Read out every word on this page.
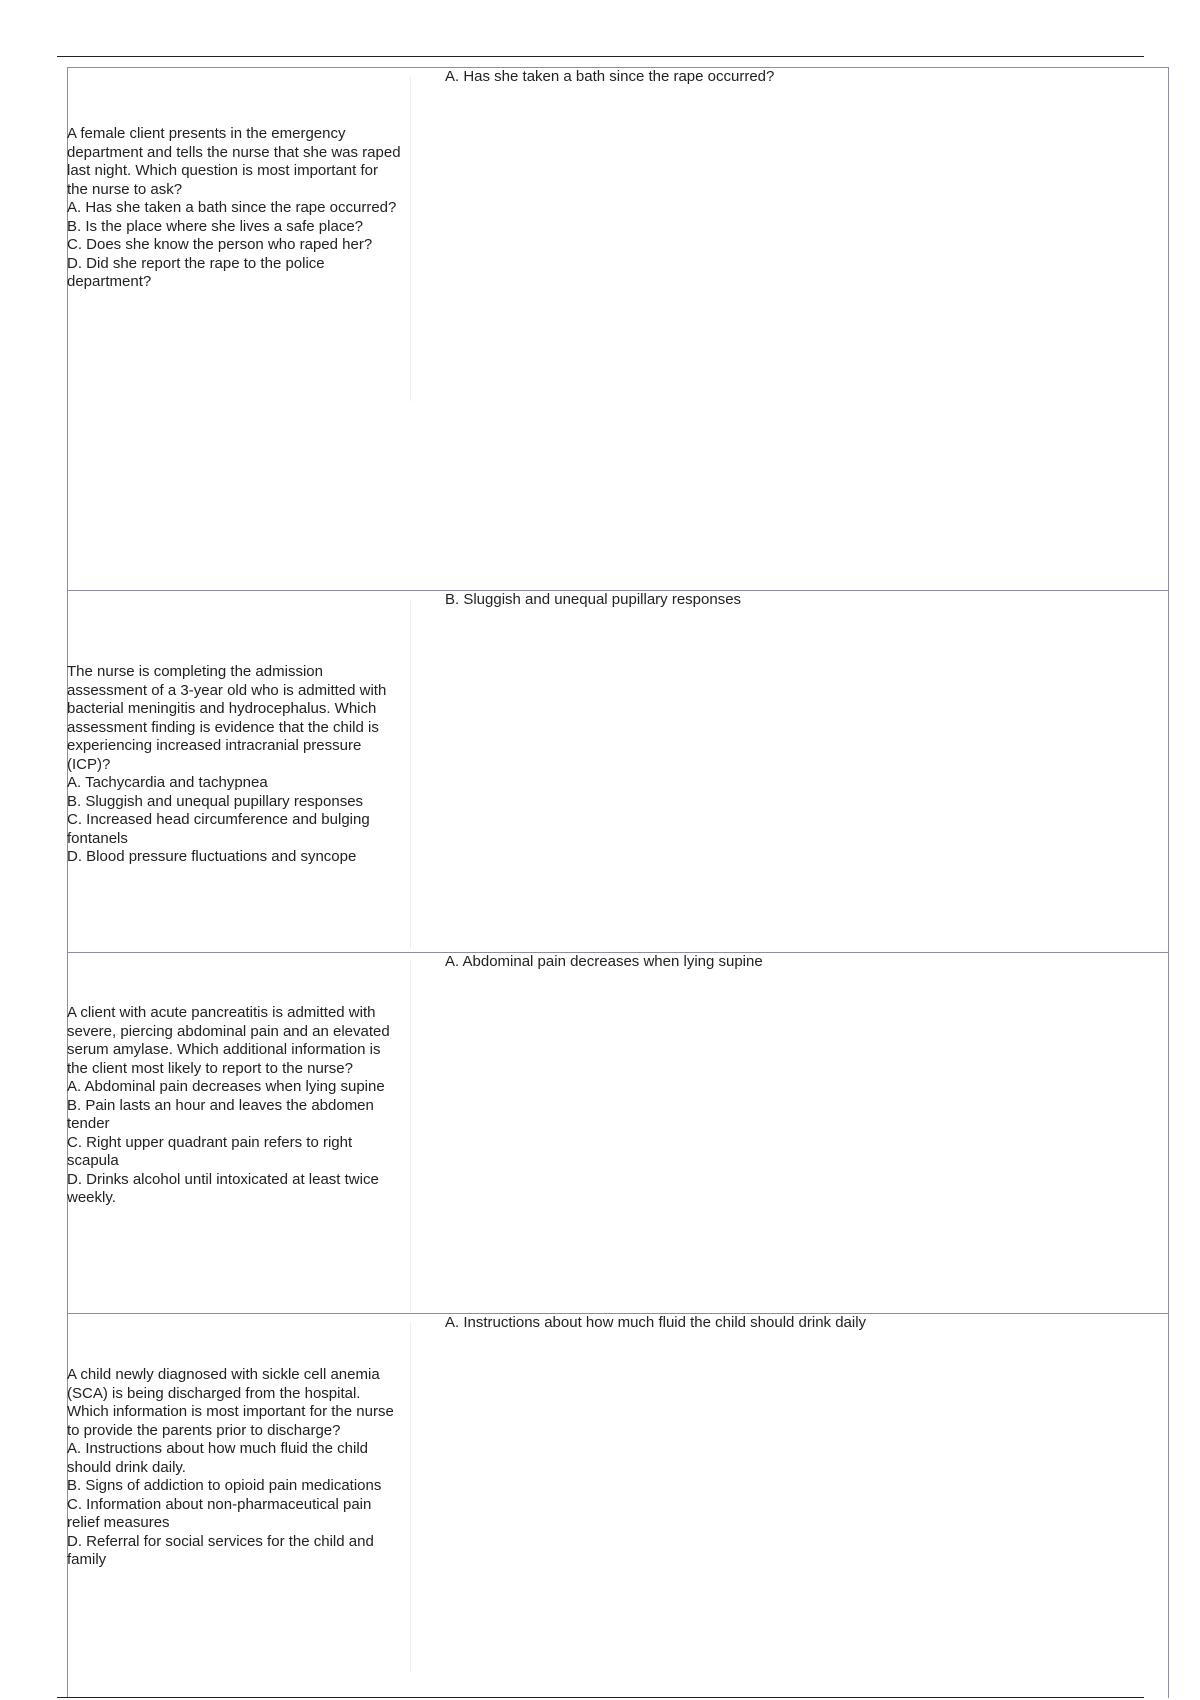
A. Has she taken a bath since the rape occurred?
A female client presents in the emergency department and tells the nurse that she was raped last night. Which question is most important for the nurse to ask?
A. Has she taken a bath since the rape occurred?
B. Is the place where she lives a safe place?
C. Does she know the person who raped her?
D. Did she report the rape to the police department?
B. Sluggish and unequal pupillary responses
The nurse is completing the admission assessment of a 3-year old who is admitted with bacterial meningitis and hydrocephalus. Which assessment finding is evidence that the child is experiencing increased intracranial pressure (ICP)?
A. Tachycardia and tachypnea
B. Sluggish and unequal pupillary responses
C. Increased head circumference and bulging fontanels
D. Blood pressure fluctuations and syncope
A. Abdominal pain decreases when lying supine
A client with acute pancreatitis is admitted with severe, piercing abdominal pain and an elevated serum amylase. Which additional information is the client most likely to report to the nurse?
A. Abdominal pain decreases when lying supine
B. Pain lasts an hour and leaves the abdomen tender
C. Right upper quadrant pain refers to right scapula
D. Drinks alcohol until intoxicated at least twice weekly.
A. Instructions about how much fluid the child should drink daily
A child newly diagnosed with sickle cell anemia (SCA) is being discharged from the hospital. Which information is most important for the nurse to provide the parents prior to discharge?
A. Instructions about how much fluid the child should drink daily.
B. Signs of addiction to opioid pain medications
C. Information about non-pharmaceutical pain relief measures
D. Referral for social services for the child and family
